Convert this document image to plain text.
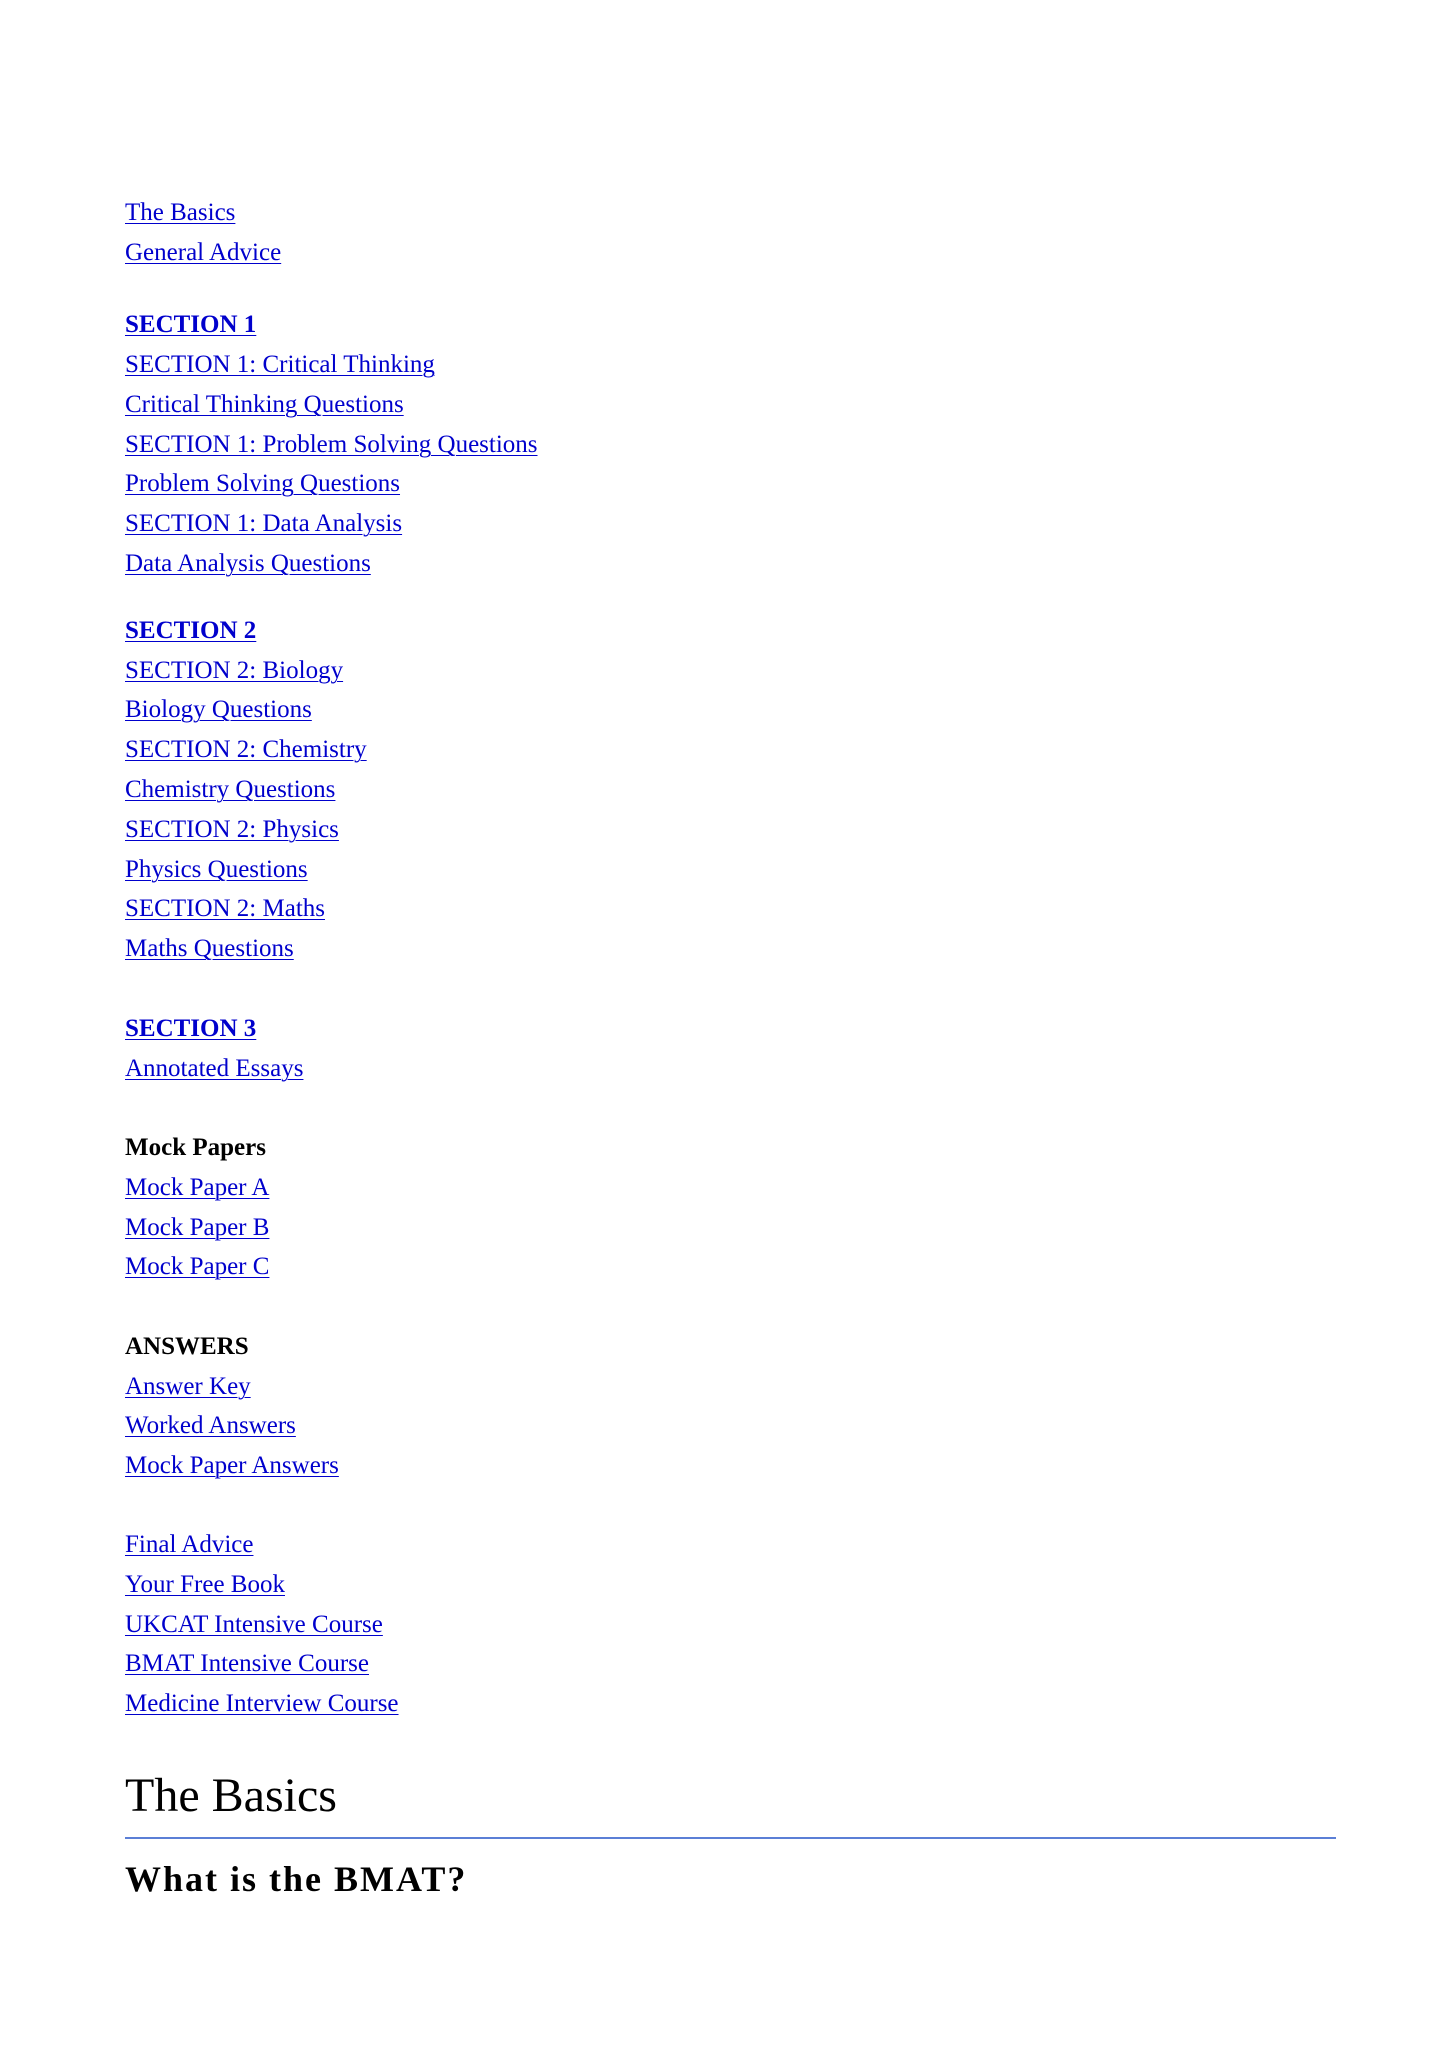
The Basics
General Advice
SECTION 1
SECTION 1: Critical Thinking
Critical Thinking Questions
SECTION 1: Problem Solving Questions
Problem Solving Questions
SECTION 1: Data Analysis
Data Analysis Questions
SECTION 2
SECTION 2: Biology
Biology Questions
SECTION 2: Chemistry
Chemistry Questions
SECTION 2: Physics
Physics Questions
SECTION 2: Maths
Maths Questions
SECTION 3
Annotated Essays
Mock Papers
Mock Paper A
Mock Paper B
Mock Paper C
ANSWERS
Answer Key
Worked Answers
Mock Paper Answers
Final Advice
Your Free Book
UKCAT Intensive Course
BMAT Intensive Course
Medicine Interview Course
The Basics
What is the BMAT?
